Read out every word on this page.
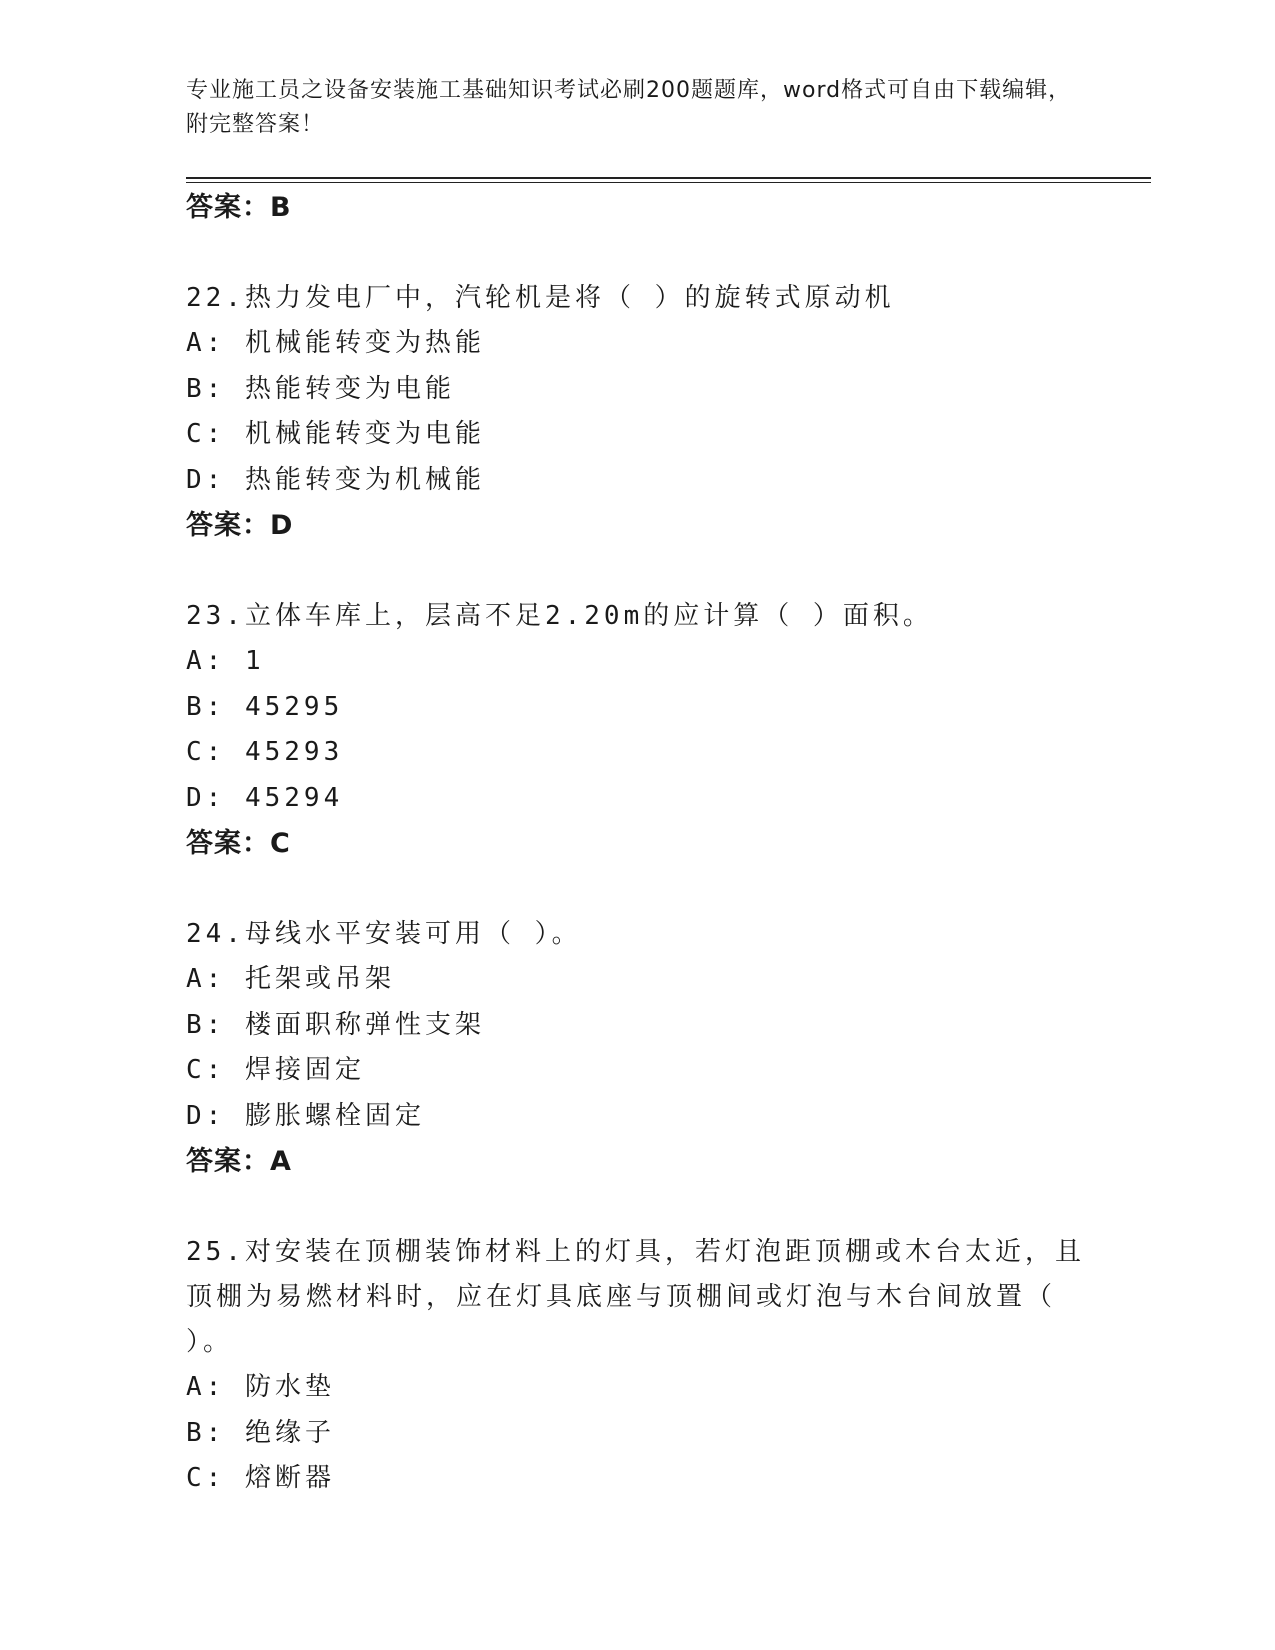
专业施工员之设备安装施工基础知识考试必刷200题题库，word格式可自由下载编辑，附完整答案！

答案：B
22.热力发电厂中，汽轮机是将（ ）的旋转式原动机
A: 机械能转变为热能
B: 热能转变为电能
C: 机械能转变为电能
D: 热能转变为机械能
答案：D
23.立体车库上，层高不足2.20m的应计算（ ）面积。
A: 1
B: 45295
C: 45293
D: 45294
答案：C
24.母线水平安装可用（ ）。
A: 托架或吊架
B: 楼面职称弹性支架
C: 焊接固定
D: 膨胀螺栓固定
答案：A
25.对安装在顶棚装饰材料上的灯具，若灯泡距顶棚或木台太近，且顶棚为易燃材料时，应在灯具底座与顶棚间或灯泡与木台间放置（ ）。
A: 防水垫
B: 绝缘子
C: 熔断器
